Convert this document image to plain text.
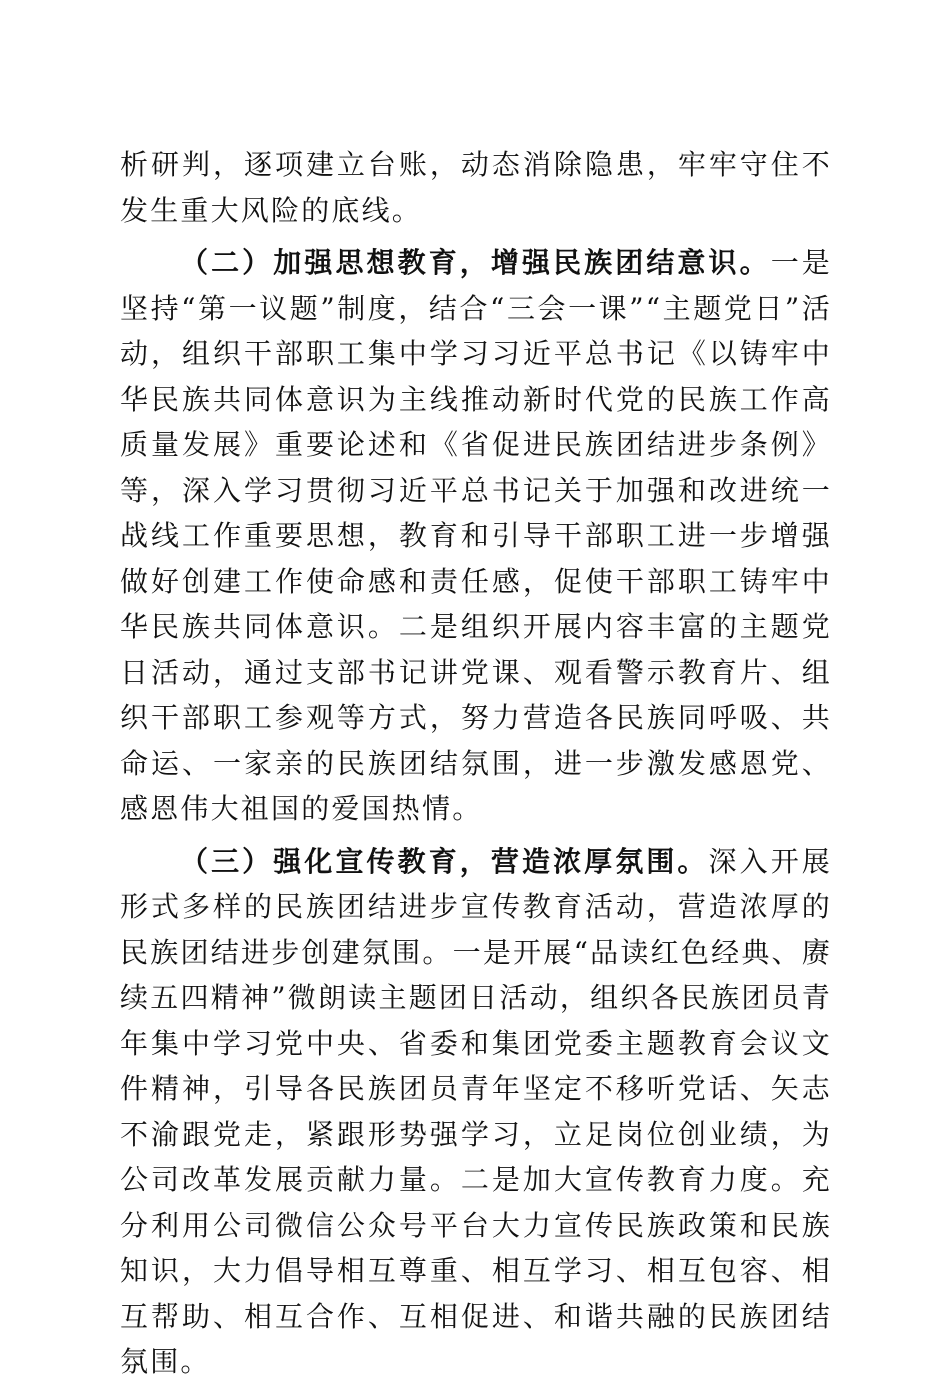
析研判，逐项建立台账，动态消除隐患，牢牢守住不发生重大风险的底线。

（二）加强思想教育，增强民族团结意识。一是坚持“第一议题”制度，结合“三会一课”“主题党日”活动，组织干部职工集中学习习近平总书记《以铸牢中华民族共同体意识为主线推动新时代党的民族工作高质量发展》重要论述和《省促进民族团结进步条例》等，深入学习贯彻习近平总书记关于加强和改进统一战线工作重要思想，教育和引导干部职工进一步增强做好创建工作使命感和责任感，促使干部职工铸牢中华民族共同体意识。二是组织开展内容丰富的主题党日活动，通过支部书记讲党课、观看警示教育片、组织干部职工参观等方式，努力营造各民族同呼吸、共命运、一家亲的民族团结氛围，进一步激发感恩党、感恩伟大祖国的爱国热情。

（三）强化宣传教育，营造浓厚氛围。深入开展形式多样的民族团结进步宣传教育活动，营造浓厚的民族团结进步创建氛围。一是开展“品读红色经典、赓续五四精神”微朗读主题团日活动，组织各民族团员青年集中学习党中央、省委和集团党委主题教育会议文件精神，引导各民族团员青年坚定不移听党话、矢志不渝跟党走，紧跟形势强学习，立足岗位创业绩，为公司改革发展贡献力量。二是加大宣传教育力度。充分利用公司微信公众号平台大力宣传民族政策和民族知识，大力倡导相互尊重、相互学习、相互包容、相互帮助、相互合作、互相促进、和谐共融的民族团结氛围。
